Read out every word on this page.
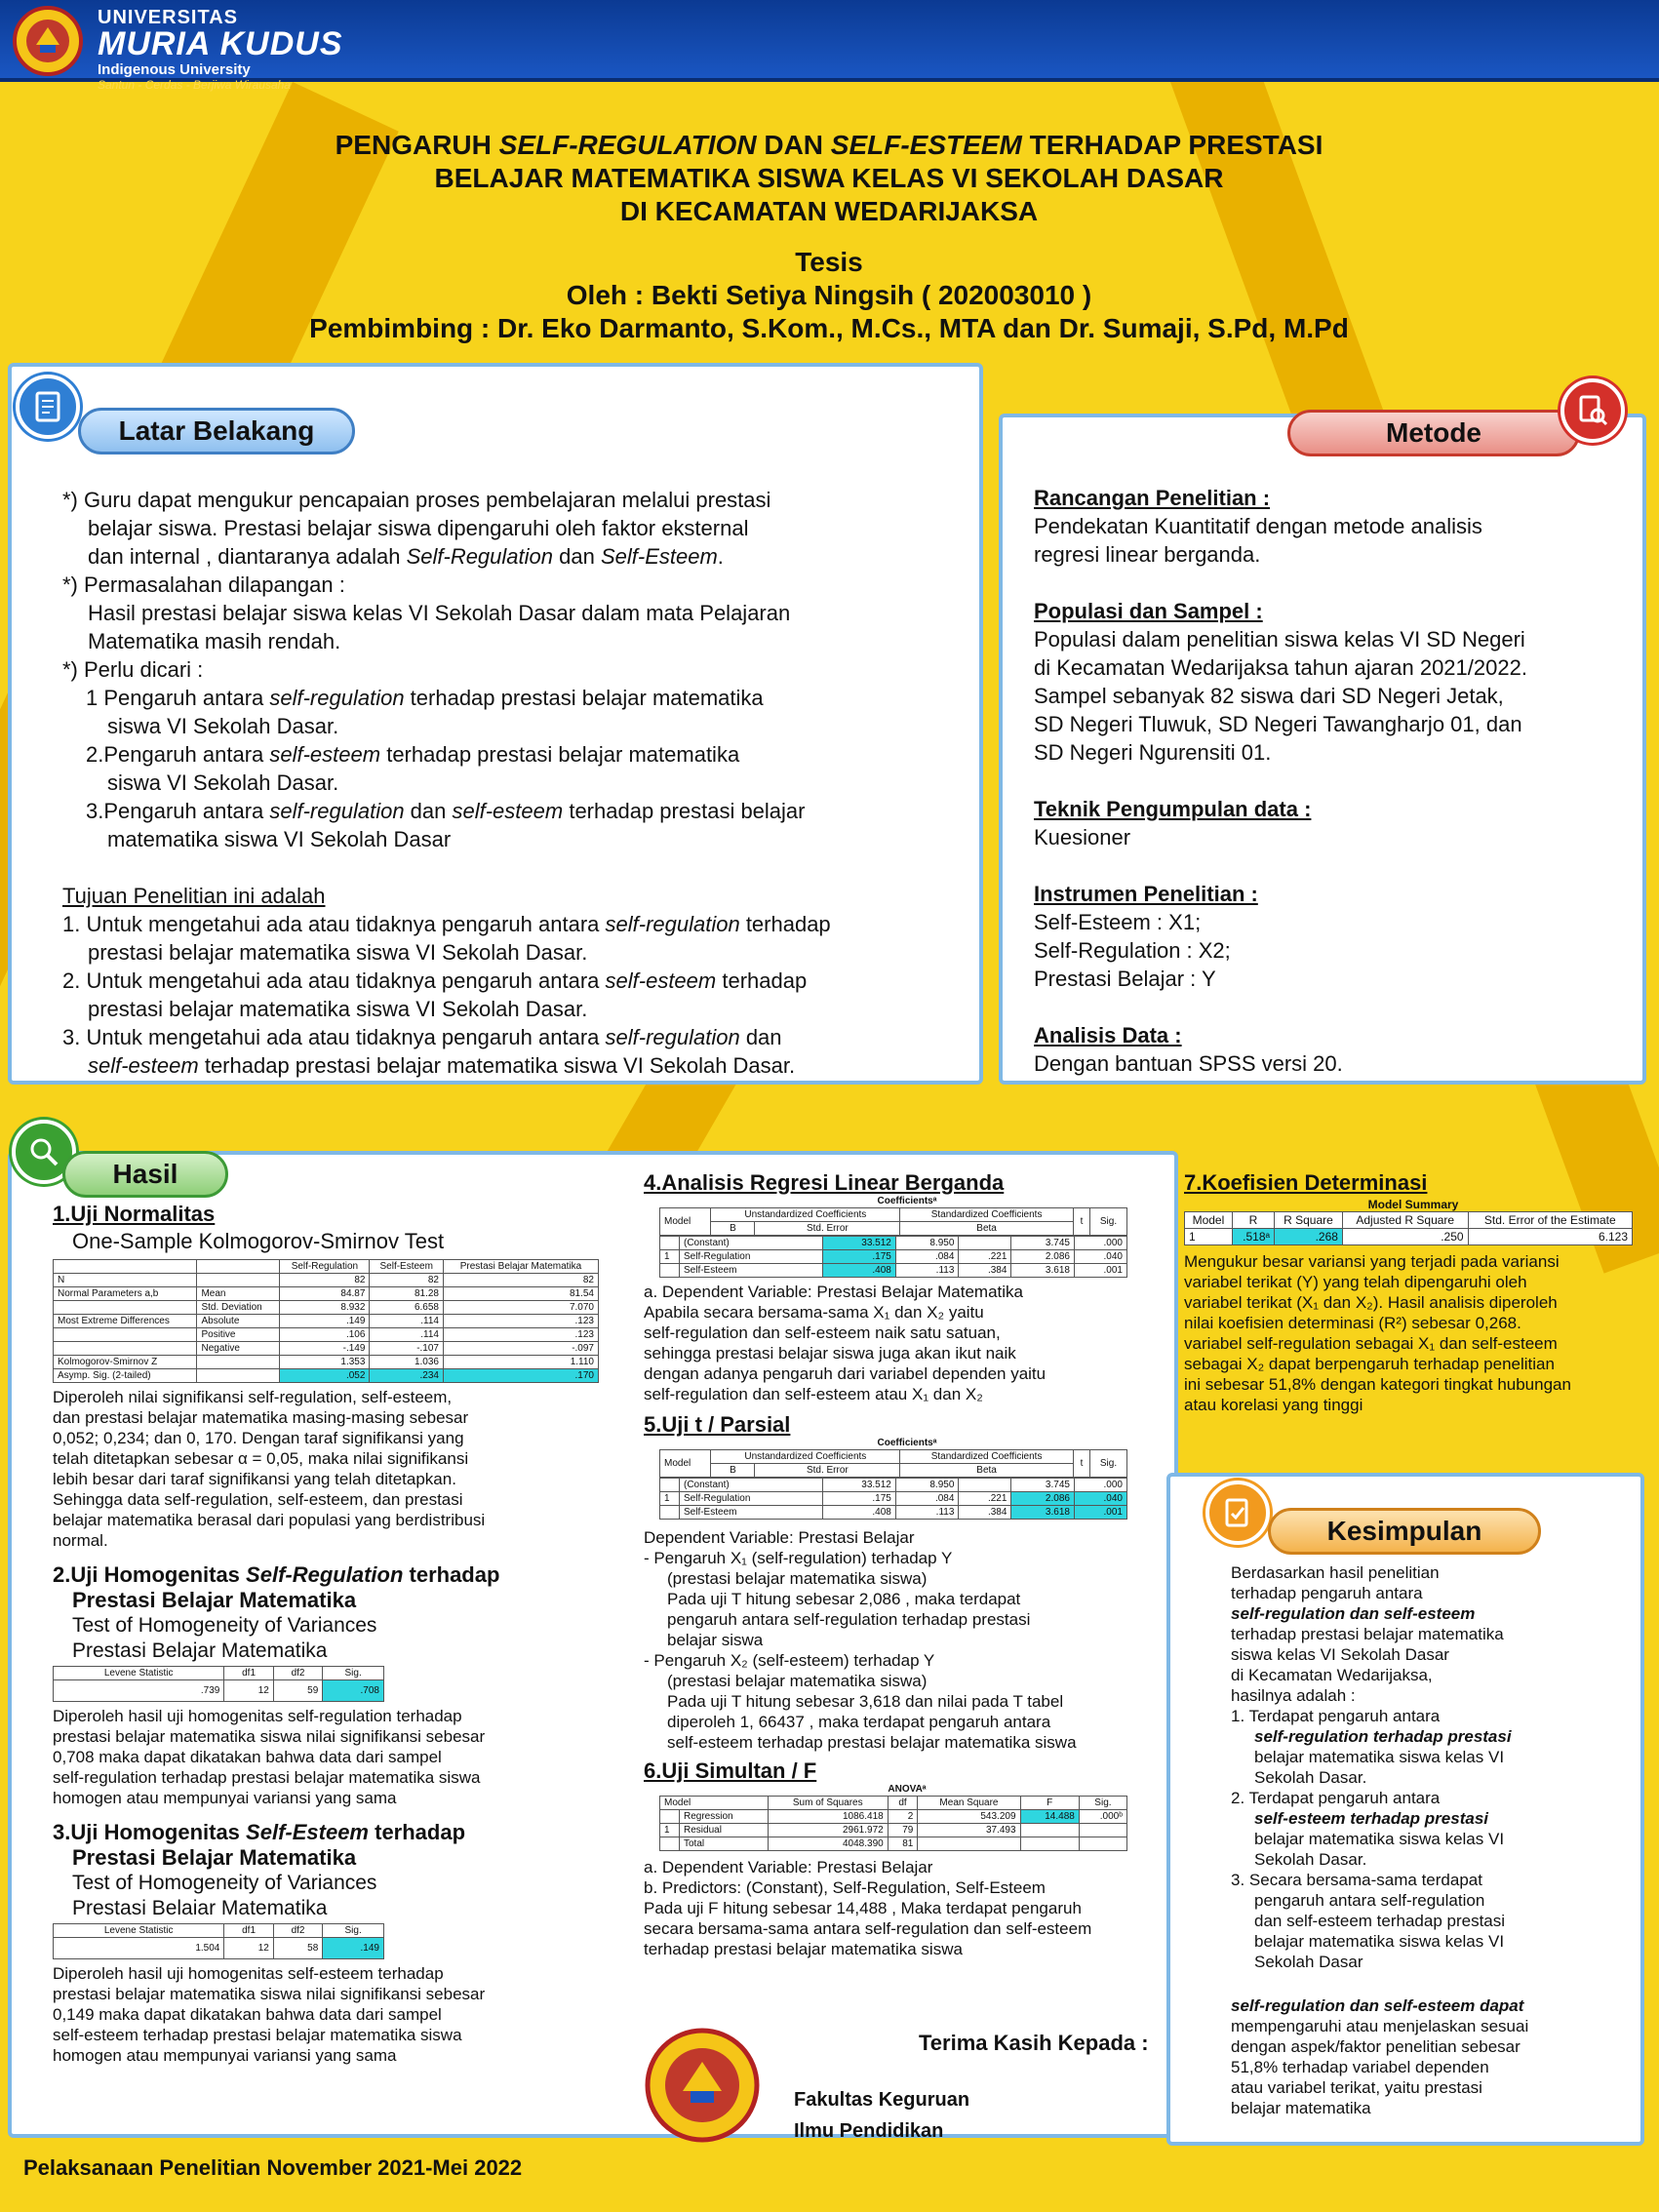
UNIVERSITAS
MURIA KUDUS
Indigenous University
Santun - Cerdas - Berjiwa Wirausaha
PENGARUH SELF-REGULATION DAN SELF-ESTEEM TERHADAP PRESTASI
BELAJAR MATEMATIKA SISWA KELAS VI SEKOLAH DASAR
DI KECAMATAN WEDARIJAKSA
Tesis
Oleh : Bekti Setiya Ningsih ( 202003010 )
Pembimbing : Dr. Eko Darmanto, S.Kom., M.Cs., MTA dan Dr. Sumaji, S.Pd, M.Pd
Latar Belakang

*) Guru dapat mengukur pencapaian proses pembelajaran melalui prestasi

belajar siswa. Prestasi belajar siswa dipengaruhi oleh faktor eksternal

dan internal , diantaranya adalah Self-Regulation dan Self-Esteem.

*) Permasalahan dilapangan :

Hasil prestasi belajar siswa kelas VI Sekolah Dasar dalam mata Pelajaran

Matematika masih rendah.

*) Perlu dicari :

1 Pengaruh antara self-regulation terhadap prestasi belajar matematika

siswa VI Sekolah Dasar.

2.Pengaruh antara self-esteem terhadap prestasi belajar matematika

siswa VI Sekolah Dasar.

3.Pengaruh antara self-regulation dan self-esteem terhadap prestasi belajar

matematika siswa VI Sekolah Dasar

Tujuan Penelitian ini adalah

1. Untuk mengetahui ada atau tidaknya pengaruh antara self-regulation terhadap

prestasi belajar matematika siswa VI Sekolah Dasar.

2. Untuk mengetahui ada atau tidaknya pengaruh antara self-esteem terhadap

prestasi belajar matematika siswa VI Sekolah Dasar.

3. Untuk mengetahui ada atau tidaknya pengaruh antara self-regulation dan

self-esteem terhadap prestasi belajar matematika siswa VI Sekolah Dasar.

Metode

Rancangan Penelitian :

Pendekatan Kuantitatif dengan metode analisis

regresi linear berganda.

Populasi dan Sampel :

Populasi dalam penelitian siswa kelas VI SD Negeri

di Kecamatan Wedarijaksa tahun ajaran 2021/2022.

Sampel sebanyak 82 siswa dari SD Negeri Jetak,

SD Negeri Tluwuk, SD Negeri Tawangharjo 01, dan

SD Negeri Ngurensiti 01.

Teknik Pengumpulan data :

Kuesioner

Instrumen Penelitian :

Self-Esteem : X1;

Self-Regulation : X2;

Prestasi Belajar : Y

Analisis Data :

Dengan bantuan SPSS versi 20.

Hasil
1.Uji Normalitas
One-Sample Kolmogorov-Smirnov Test
		Self-Regulation	Self-Esteem	Prestasi Belajar Matematika
N		82	82	82
Normal Parameters a,b	Mean	84.87	81.28	81.54
	Std. Deviation	8.932	6.658	7.070
Most Extreme Differences	Absolute	.149	.114	.123
	Positive	.106	.114	.123
	Negative	-.149	-.107	-.097
Kolmogorov-Smirnov Z		1.353	1.036	1.110
Asymp. Sig. (2-tailed)		.052	.234	.170
Diperoleh nilai signifikansi self-regulation, self-esteem,
dan prestasi belajar matematika masing-masing sebesar
0,052; 0,234; dan 0, 170. Dengan taraf signifikansi yang
telah ditetapkan sebesar α = 0,05, maka nilai signifikansi
lebih besar dari taraf signifikansi yang telah ditetapkan.
Sehingga data self-regulation, self-esteem, dan prestasi
belajar matematika berasal dari populasi yang berdistribusi
normal.
2.Uji Homogenitas Self-Regulation terhadap
Prestasi Belajar Matematika
Test of Homogeneity of Variances
Prestasi Belajar Matematika
Levene Statistic	df1	df2	Sig.
.739	12	59	.708
Diperoleh hasil uji homogenitas self-regulation terhadap
prestasi belajar matematika siswa nilai signifikansi sebesar
0,708 maka dapat dikatakan bahwa data dari sampel
self-regulation terhadap prestasi belajar matematika siswa
homogen atau mempunyai variansi yang sama
3.Uji Homogenitas Self-Esteem terhadap
Prestasi Belajar Matematika
Test of Homogeneity of Variances
Prestasi Belaiar Matematika
Levene Statistic	df1	df2	Sig.
1.504	12	58	.149
Diperoleh hasil uji homogenitas self-esteem terhadap
prestasi belajar matematika siswa nilai signifikansi sebesar
0,149 maka dapat dikatakan bahwa data dari sampel
self-esteem terhadap prestasi belajar matematika siswa
homogen atau mempunyai variansi yang sama
4.Analisis Regresi Linear Berganda
Coefficientsᵃ
Model	Unstandardized Coefficients		Standardized Coefficients	t	Sig.
	B	Std. Error	Beta		
	(Constant)	33.512	8.950		3.745	.000
1	Self-Regulation	.175	.084	.221	2.086	.040
	Self-Esteem	.408	.113	.384	3.618	.001
a. Dependent Variable: Prestasi Belajar Matematika
Apabila secara bersama-sama X₁ dan X₂ yaitu
self-regulation dan self-esteem naik satu satuan,
sehingga prestasi belajar siswa juga akan ikut naik
dengan adanya pengaruh dari variabel dependen yaitu
self-regulation dan self-esteem atau X₁ dan X₂
5.Uji t / Parsial
Coefficientsᵃ
Model	Unstandardized Coefficients		Standardized Coefficients	t	Sig.
	B	Std. Error	Beta		
	(Constant)	33.512	8.950		3.745	.000
1	Self-Regulation	.175	.084	.221	2.086	.040
	Self-Esteem	.408	.113	.384	3.618	.001
Dependent Variable: Prestasi Belajar
- Pengaruh X₁ (self-regulation) terhadap Y
(prestasi belajar matematika siswa)
Pada uji T hitung sebesar 2,086 , maka terdapat
pengaruh antara self-regulation terhadap prestasi
belajar siswa
- Pengaruh X₂ (self-esteem) terhadap Y
(prestasi belajar matematika siswa)
Pada uji T hitung sebesar 3,618 dan nilai pada T tabel
diperoleh 1, 66437 , maka terdapat pengaruh antara
self-esteem terhadap prestasi belajar matematika siswa
6.Uji Simultan / F
ANOVAᵃ
Model		Sum of Squares	df	Mean Square	F	Sig.
	Regression	1086.418	2	543.209	14.488	.000ᵇ
1	Residual	2961.972	79	37.493		
	Total	4048.390	81			
a. Dependent Variable: Prestasi Belajar
b. Predictors: (Constant), Self-Regulation, Self-Esteem
Pada uji F hitung sebesar 14,488 , Maka terdapat pengaruh
secara bersama-sama antara self-regulation dan self-esteem
terhadap prestasi belajar matematika siswa
7.Koefisien Determinasi
Model Summary
Model	R	R Square	Adjusted R Square	Std. Error of the Estimate
1	.518ᵃ	.268	.250	6.123
Mengukur besar variansi yang terjadi pada variansi
variabel terikat (Y) yang telah dipengaruhi oleh
variabel terikat (X₁ dan X₂). Hasil analisis diperoleh
nilai koefisien determinasi (R²) sebesar 0,268.
variabel self-regulation sebagai X₁ dan self-esteem
sebagai X₂ dapat berpengaruh terhadap penelitian
ini sebesar 51,8% dengan kategori tingkat hubungan
atau korelasi yang tinggi
Kesimpulan
Berdasarkan hasil penelitian
terhadap pengaruh antara
self-regulation dan self-esteem
terhadap prestasi belajar matematika
siswa kelas VI Sekolah Dasar
di Kecamatan Wedarijaksa,
hasilnya adalah :
1. Terdapat pengaruh antara
self-regulation terhadap prestasi
belajar matematika siswa kelas VI
Sekolah Dasar.
2. Terdapat pengaruh antara
self-esteem terhadap prestasi
belajar matematika siswa kelas VI
Sekolah Dasar.
3. Secara bersama-sama terdapat
pengaruh antara self-regulation
dan self-esteem terhadap prestasi
belajar matematika siswa kelas VI
Sekolah Dasar
self-regulation dan self-esteem dapat
mempengaruhi atau menjelaskan sesuai
dengan aspek/faktor penelitian sebesar
51,8% terhadap variabel dependen
atau variabel terikat, yaitu prestasi
belajar matematika
Terima Kasih Kepada :
Fakultas Keguruan
Ilmu Pendidikan
Pelaksanaan Penelitian November 2021-Mei 2022
